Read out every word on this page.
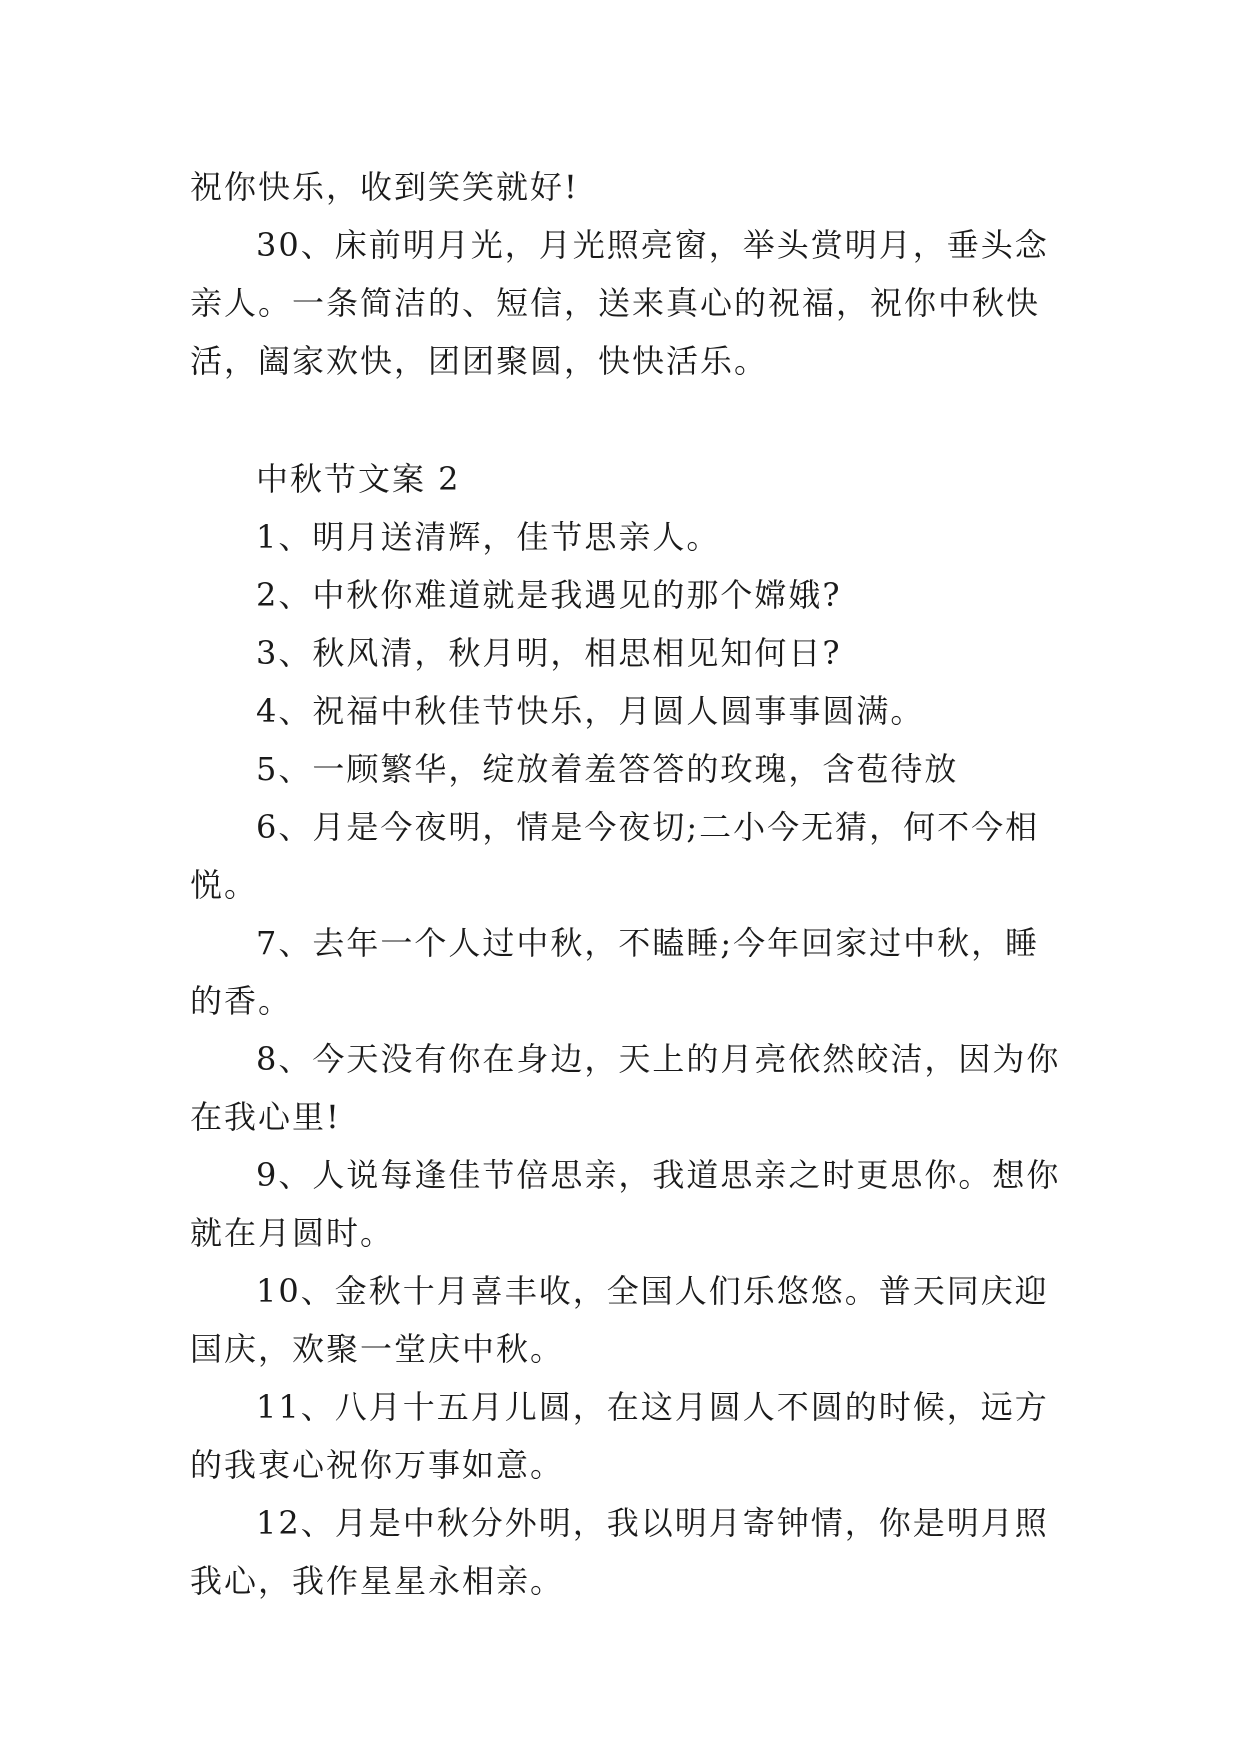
祝你快乐，收到笑笑就好!

30、床前明月光，月光照亮窗，举头赏明月，垂头念亲人。一条简洁的、短信，送来真心的祝福，祝你中秋快活，阖家欢快，团团聚圆，快快活乐。

中秋节文案 2

1、明月送清辉，佳节思亲人。

2、中秋你难道就是我遇见的那个嫦娥?

3、秋风清，秋月明，相思相见知何日?

4、祝福中秋佳节快乐，月圆人圆事事圆满。

5、一顾繁华，绽放着羞答答的玫瑰，含苞待放

6、月是今夜明，情是今夜切;二小今无猜，何不今相悦。

7、去年一个人过中秋，不瞌睡;今年回家过中秋，睡的香。

8、今天没有你在身边，天上的月亮依然皎洁，因为你在我心里!

9、人说每逢佳节倍思亲，我道思亲之时更思你。想你就在月圆时。

10、金秋十月喜丰收，全国人们乐悠悠。普天同庆迎国庆，欢聚一堂庆中秋。

11、八月十五月儿圆，在这月圆人不圆的时候，远方的我衷心祝你万事如意。

12、月是中秋分外明，我以明月寄钟情，你是明月照我心，我作星星永相亲。
